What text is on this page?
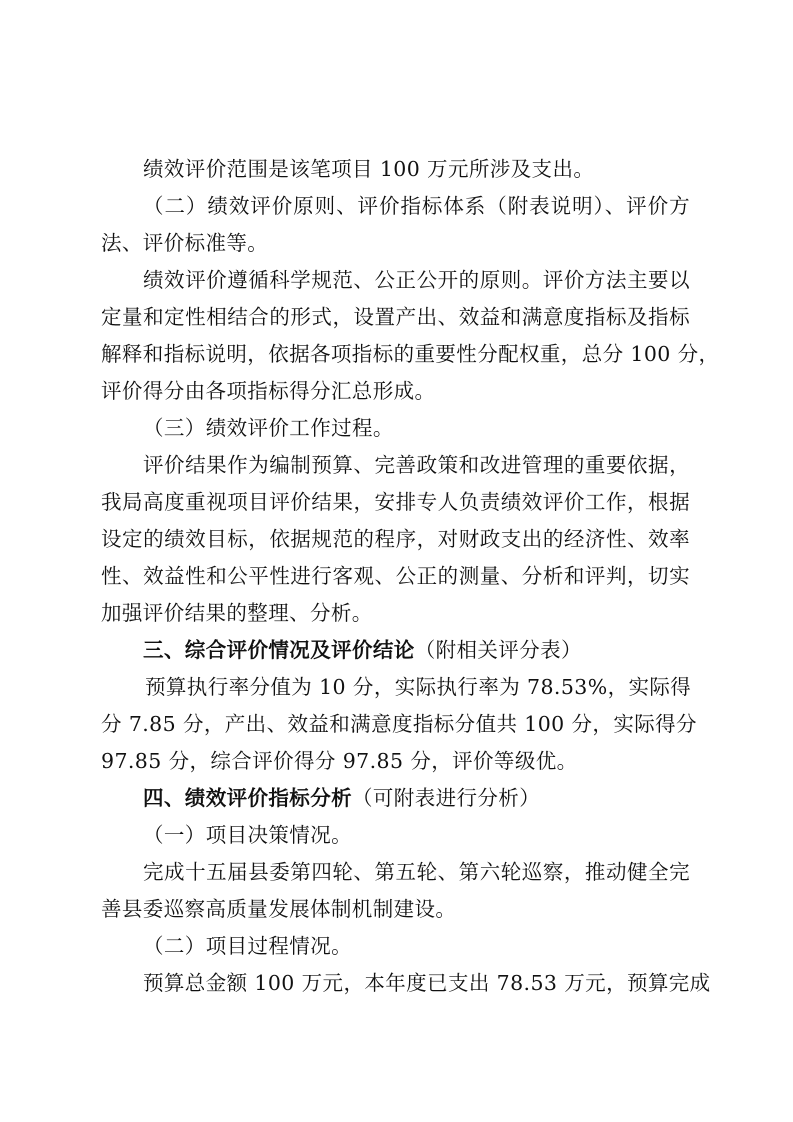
绩效评价范围是该笔项目 100 万元所涉及支出。
（二）绩效评价原则、评价指标体系（附表说明）、评价方
法、评价标准等。
绩效评价遵循科学规范、公正公开的原则。评价方法主要以
定量和定性相结合的形式，设置产出、效益和满意度指标及指标
解释和指标说明，依据各项指标的重要性分配权重，总分 100 分，
评价得分由各项指标得分汇总形成。
（三）绩效评价工作过程。
评价结果作为编制预算、完善政策和改进管理的重要依据，
我局高度重视项目评价结果，安排专人负责绩效评价工作，根据
设定的绩效目标，依据规范的程序，对财政支出的经济性、效率
性、效益性和公平性进行客观、公正的测量、分析和评判，切实
加强评价结果的整理、分析。
三、综合评价情况及评价结论（附相关评分表）
预算执行率分值为 10 分，实际执行率为 78.53%，实际得
分 7.85 分，产出、效益和满意度指标分值共 100 分，实际得分
97.85 分，综合评价得分 97.85 分，评价等级优。
四、绩效评价指标分析（可附表进行分析）
（一）项目决策情况。
完成十五届县委第四轮、第五轮、第六轮巡察，推动健全完
善县委巡察高质量发展体制机制建设。
（二）项目过程情况。
预算总金额 100 万元，本年度已支出 78.53 万元，预算完成
